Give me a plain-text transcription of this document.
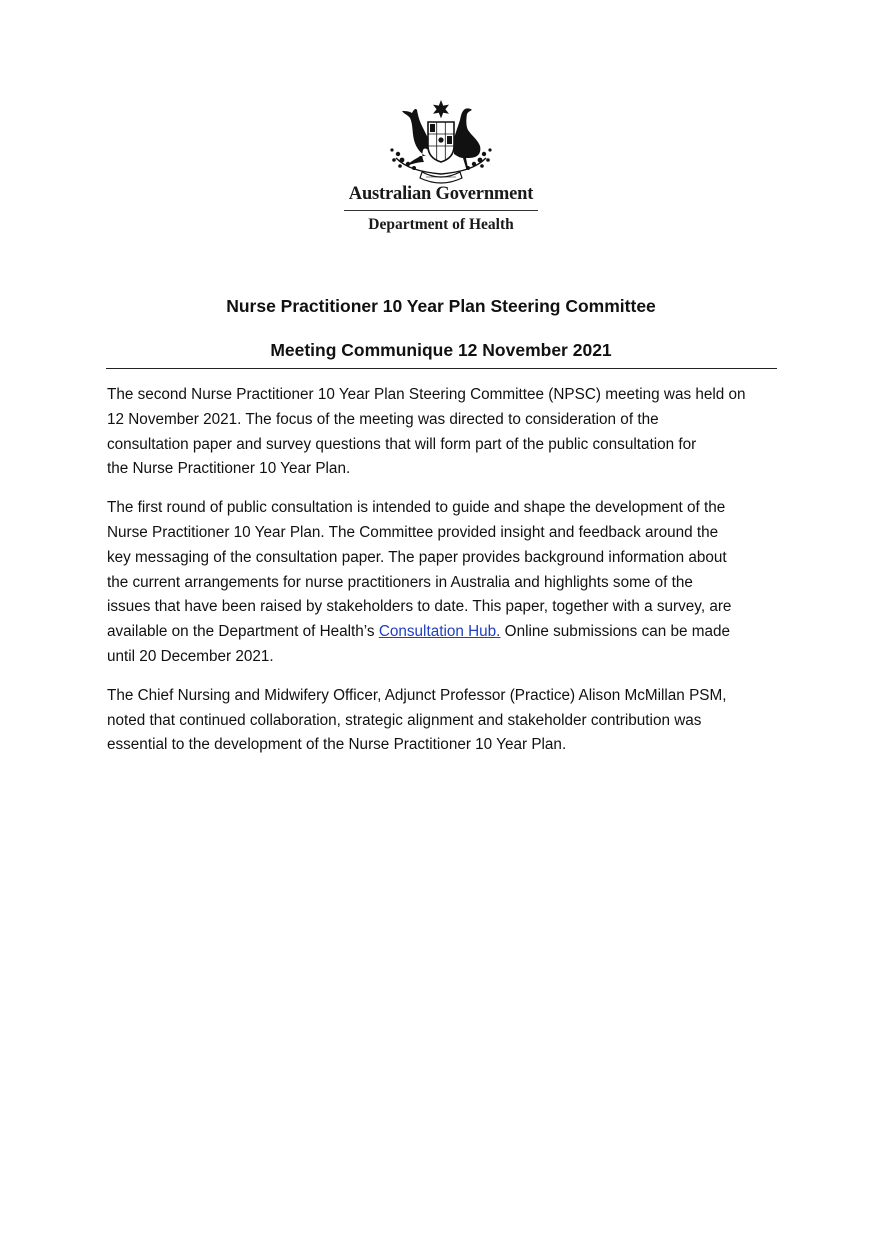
Australian Government
Department of Health
Nurse Practitioner 10 Year Plan Steering Committee
Meeting Communique 12 November 2021

The second Nurse Practitioner 10 Year Plan Steering Committee (NPSC) meeting was held on
12 November 2021. The focus of the meeting was directed to consideration of the
consultation paper and survey questions that will form part of the public consultation for
the Nurse Practitioner 10 Year Plan.

The first round of public consultation is intended to guide and shape the development of the
Nurse Practitioner 10 Year Plan. The Committee provided insight and feedback around the
key messaging of the consultation paper. The paper provides background information about
the current arrangements for nurse practitioners in Australia and highlights some of the
issues that have been raised by stakeholders to date. This paper, together with a survey, are
available on the Department of Health’s Consultation Hub. Online submissions can be made
until 20 December 2021.

The Chief Nursing and Midwifery Officer, Adjunct Professor (Practice) Alison McMillan PSM,
noted that continued collaboration, strategic alignment and stakeholder contribution was
essential to the development of the Nurse Practitioner 10 Year Plan.
